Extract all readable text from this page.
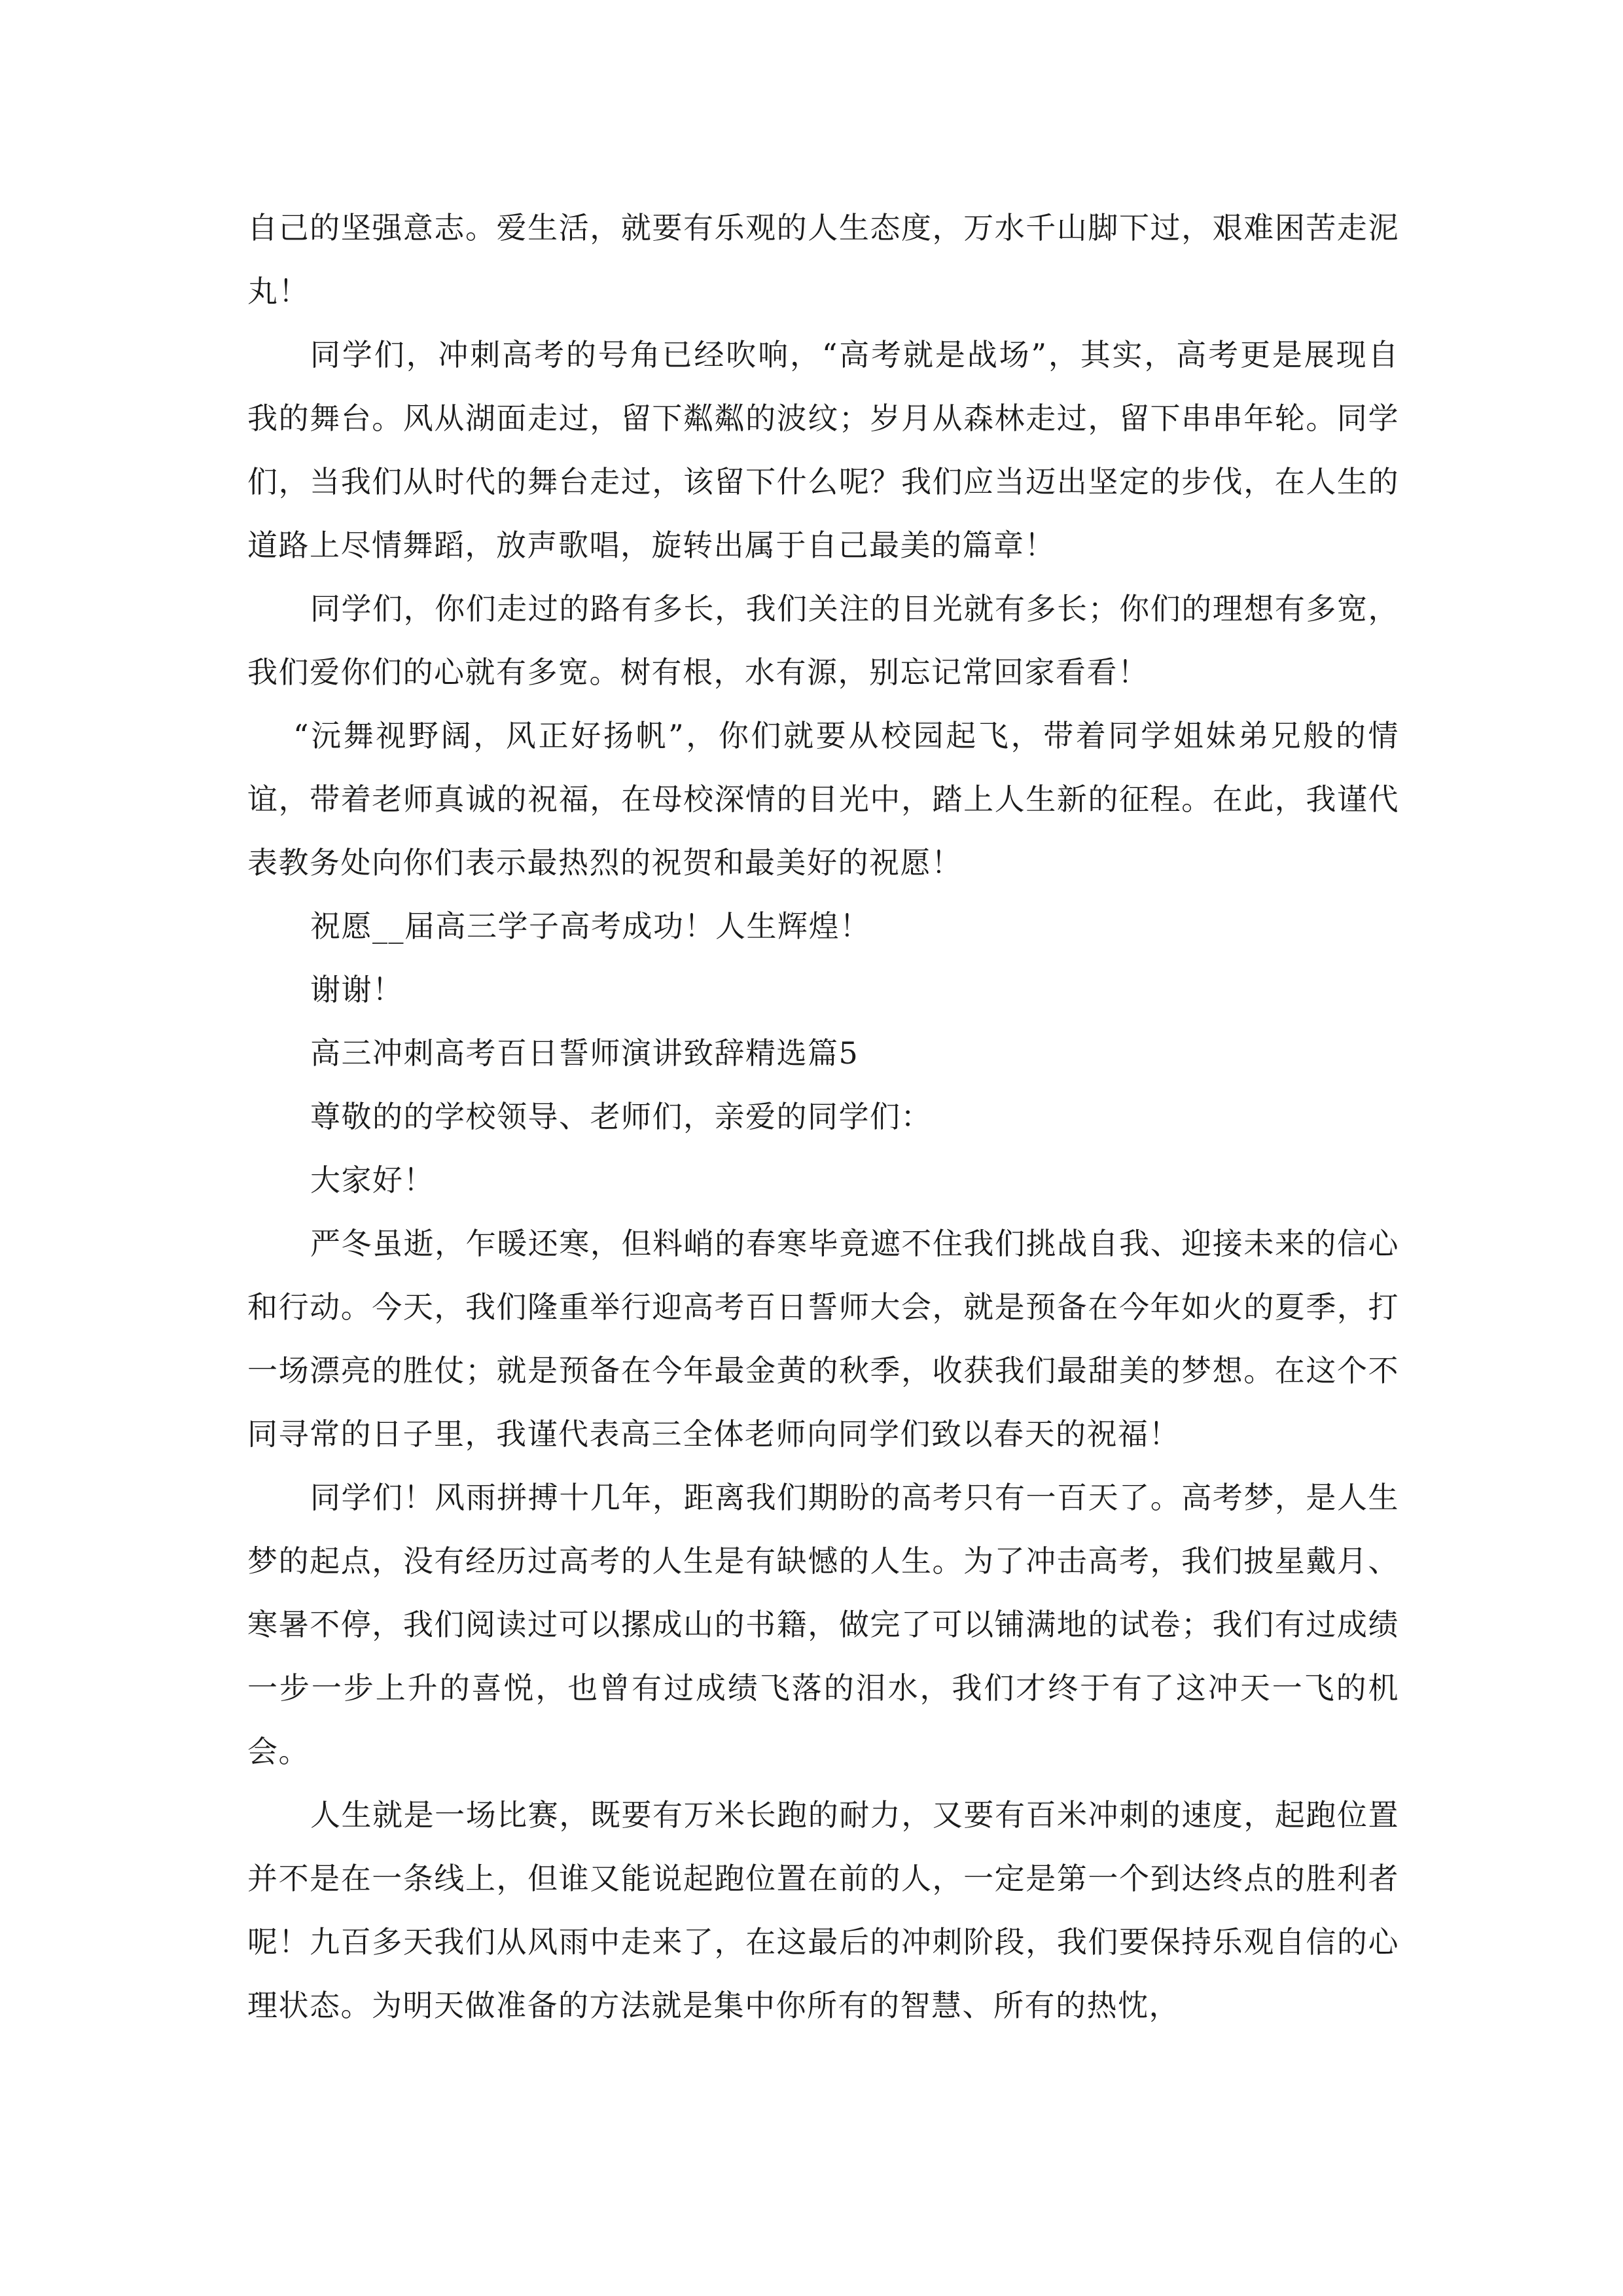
自己的坚强意志。爱生活，就要有乐观的人生态度，万水千山脚下过，艰难困苦走泥丸！

同学们，冲刺高考的号角已经吹响，“高考就是战场”，其实，高考更是展现自我的舞台。风从湖面走过，留下粼粼的波纹；岁月从森林走过，留下串串年轮。同学们，当我们从时代的舞台走过，该留下什么呢？我们应当迈出坚定的步伐，在人生的道路上尽情舞蹈，放声歌唱，旋转出属于自己最美的篇章！

同学们，你们走过的路有多长，我们关注的目光就有多长；你们的理想有多宽，我们爱你们的心就有多宽。树有根，水有源，别忘记常回家看看！

“沅舞视野阔，风正好扬帆”，你们就要从校园起飞，带着同学姐妹弟兄般的情谊，带着老师真诚的祝福，在母校深情的目光中，踏上人生新的征程。在此，我谨代表教务处向你们表示最热烈的祝贺和最美好的祝愿！

祝愿__届高三学子高考成功！人生辉煌！

谢谢！

高三冲刺高考百日誓师演讲致辞精选篇5

尊敬的的学校领导、老师们，亲爱的同学们：

大家好！

严冬虽逝，乍暖还寒，但料峭的春寒毕竟遮不住我们挑战自我、迎接未来的信心和行动。今天，我们隆重举行迎高考百日誓师大会，就是预备在今年如火的夏季，打一场漂亮的胜仗；就是预备在今年最金黄的秋季，收获我们最甜美的梦想。在这个不同寻常的日子里，我谨代表高三全体老师向同学们致以春天的祝福！

同学们！风雨拼搏十几年，距离我们期盼的高考只有一百天了。高考梦，是人生梦的起点，没有经历过高考的人生是有缺憾的人生。为了冲击高考，我们披星戴月、寒暑不停，我们阅读过可以摞成山的书籍，做完了可以铺满地的试卷；我们有过成绩一步一步上升的喜悦，也曾有过成绩飞落的泪水，我们才终于有了这冲天一飞的机会。

人生就是一场比赛，既要有万米长跑的耐力，又要有百米冲刺的速度，起跑位置并不是在一条线上，但谁又能说起跑位置在前的人，一定是第一个到达终点的胜利者呢！九百多天我们从风雨中走来了，在这最后的冲刺阶段，我们要保持乐观自信的心理状态。为明天做准备的方法就是集中你所有的智慧、所有的热忱，
